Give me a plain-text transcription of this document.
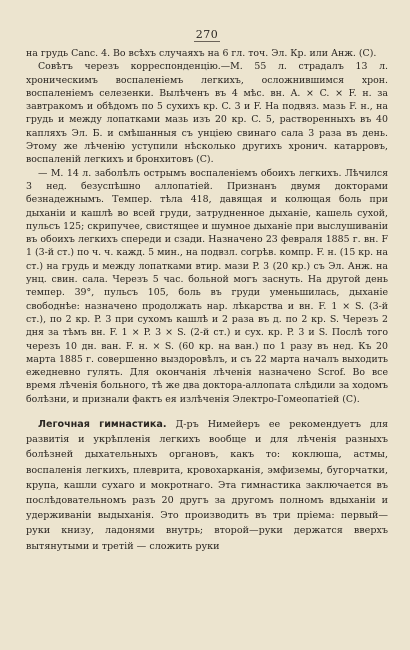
270

на грудь Canc. 4. Во всѣхъ случаяхъ на 6 гл. точ. Эл. Кр. или Анж. (С).

Совѣтъ черезъ корреспонденцію.—М. 55 л. страдалъ 13 л. хроническимъ воспаленіемъ легкихъ, осложнившимся хрон. воспаленіемъ селезенки. Вылѣченъ въ 4 мѣс. вн. A. × C. × F. н. за завтракомъ и обѣдомъ по 5 сухихъ кр. C. 3 и F. На подвяз. мазь F. н., на грудь и между лопатками мазь изъ 20 кр. C. 5, растворенныхъ въ 40 капляхъ Эл. Б. и смѣшанныя съ унціею свинаго сала 3 раза въ день. Этому же лѣченію уступили нѣсколько другихъ хронич. катарровъ, воспаленій легкихъ и бронхитовъ (С).

— М. 14 л. заболѣлъ острымъ воспаленіемъ обоихъ легкихъ. Лѣчился 3 нед. безуспѣшно аллопатіей. Признанъ двумя докторами безнадежнымъ. Темпер. тѣла 418, давящая и колющая боль при дыханіи и кашлѣ во всей груди, затрудненное дыханіе, кашель сухой, пульсъ 125; скрипучее, свистящее и шумное дыханіе при выслушиваніи въ обоихъ легкихъ спереди и сзади. Назначено 23 февраля 1885 г. вн. F 1 (3-й ст.) по ч. ч. кажд. 5 мин., на подвзл. согрѣв. компр. F. н. (15 кр. на ст.) на грудь и между лопатками втир. мази P. 3 (20 кр.) съ Эл. Анж. на унц. свин. сала. Черезъ 5 час. больной могъ заснуть. На другой день темпер. 39°, пульсъ 105, боль въ груди уменьшилась, дыханіе свободнѣе: назначено продолжать нар. лѣкарства и вн. F. 1 × S. (3-й ст.), по 2 кр. P. 3 при сухомъ кашлѣ и 2 раза въ д. по 2 кр. S. Черезъ 2 дня за тѣмъ вн. F. 1 × P. 3 × S. (2-й ст.) и сух. кр. P. 3 и S. Послѣ того черезъ 10 дн. ван. F. н. × S. (60 кр. на ван.) по 1 разу въ нед. Къ 20 марта 1885 г. совершенно выздоровѣлъ, и съ 22 марта началъ выходить ежедневно гулять. Для окончанія лѣченія назначено Scrof. Во все время лѣченія больного, тѣ же два доктора-аллопата слѣдили за ходомъ болѣзни, и признали фактъ ея излѣченія Электро-Гомеопатіей (С).

Легочная гимнастика. Д-ръ Нимейеръ ее рекомендуетъ для развитія и укрѣпленія легкихъ вообще и для лѣченія разныхъ болѣзней дыхательныхъ органовъ, какъ то: коклюша, астмы, воспаленія легкихъ, плеврита, кровохарканія, эмфиземы, бугорчатки, крупа, кашли сухаго и мокротнаго. Эта гимнастика заключается въ послѣдовательномъ разъ 20 другъ за другомъ полномъ вдыханіи и удерживаніи выдыханія. Это производить въ три пріема: первый—руки книзу, ладонями внутрь; второй—руки держатся вверхъ вытянутыми и третій — сложить руки
